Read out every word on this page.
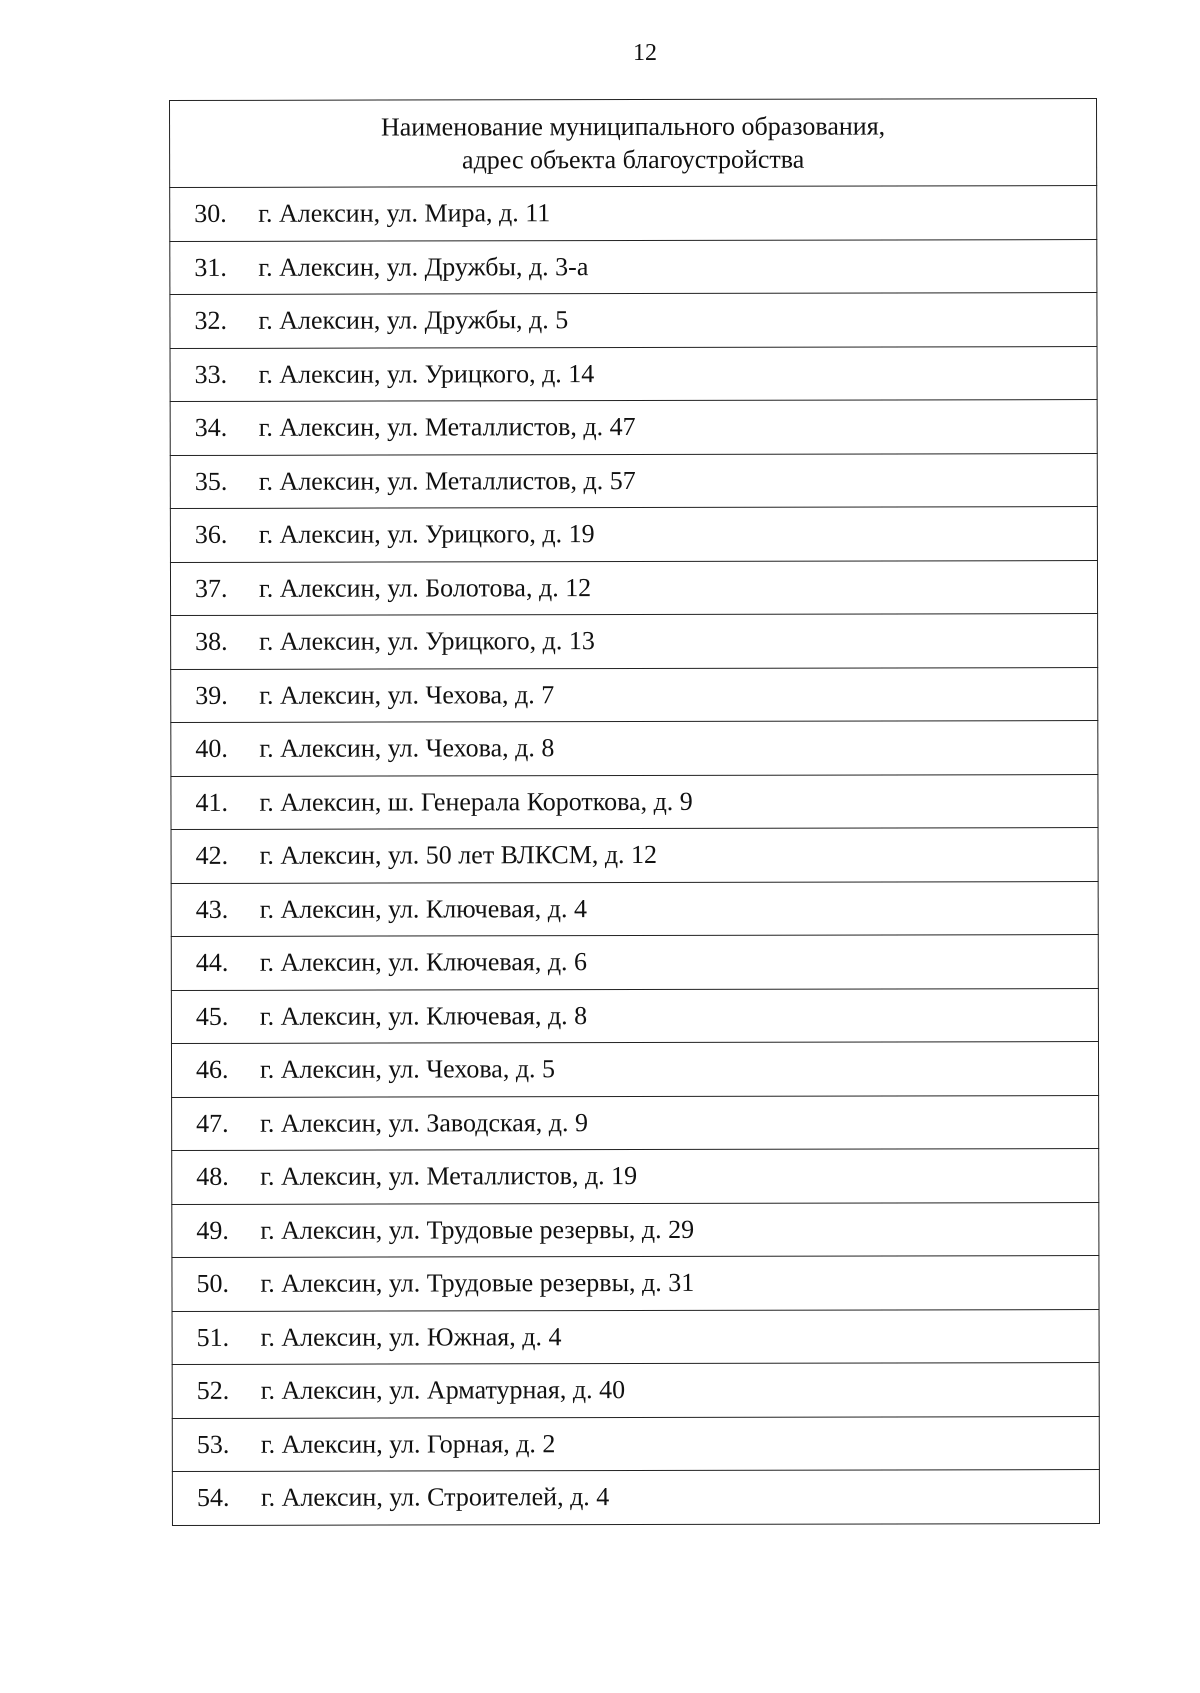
12
Наименование муниципального образования,
адрес объекта благоустройства

30. г. Алексин, ул. Мира, д. 11
31. г. Алексин, ул. Дружбы, д. 3-а
32. г. Алексин, ул. Дружбы, д. 5
33. г. Алексин, ул. Урицкого, д. 14
34. г. Алексин, ул. Металлистов, д. 47
35. г. Алексин, ул. Металлистов, д. 57
36. г. Алексин, ул. Урицкого, д. 19
37. г. Алексин, ул. Болотова, д. 12
38. г. Алексин, ул. Урицкого, д. 13
39. г. Алексин, ул. Чехова, д. 7
40. г. Алексин, ул. Чехова, д. 8
41. г. Алексин, ш. Генерала Короткова, д. 9
42. г. Алексин, ул. 50 лет ВЛКСМ, д. 12
43. г. Алексин, ул. Ключевая, д. 4
44. г. Алексин, ул. Ключевая, д. 6
45. г. Алексин, ул. Ключевая, д. 8
46. г. Алексин, ул. Чехова, д. 5
47. г. Алексин, ул. Заводская, д. 9
48. г. Алексин, ул. Металлистов, д. 19
49. г. Алексин, ул. Трудовые резервы, д. 29
50. г. Алексин, ул. Трудовые резервы, д. 31
51. г. Алексин, ул. Южная, д. 4
52. г. Алексин, ул. Арматурная, д. 40
53. г. Алексин, ул. Горная, д. 2
54. г. Алексин, ул. Строителей, д. 4
